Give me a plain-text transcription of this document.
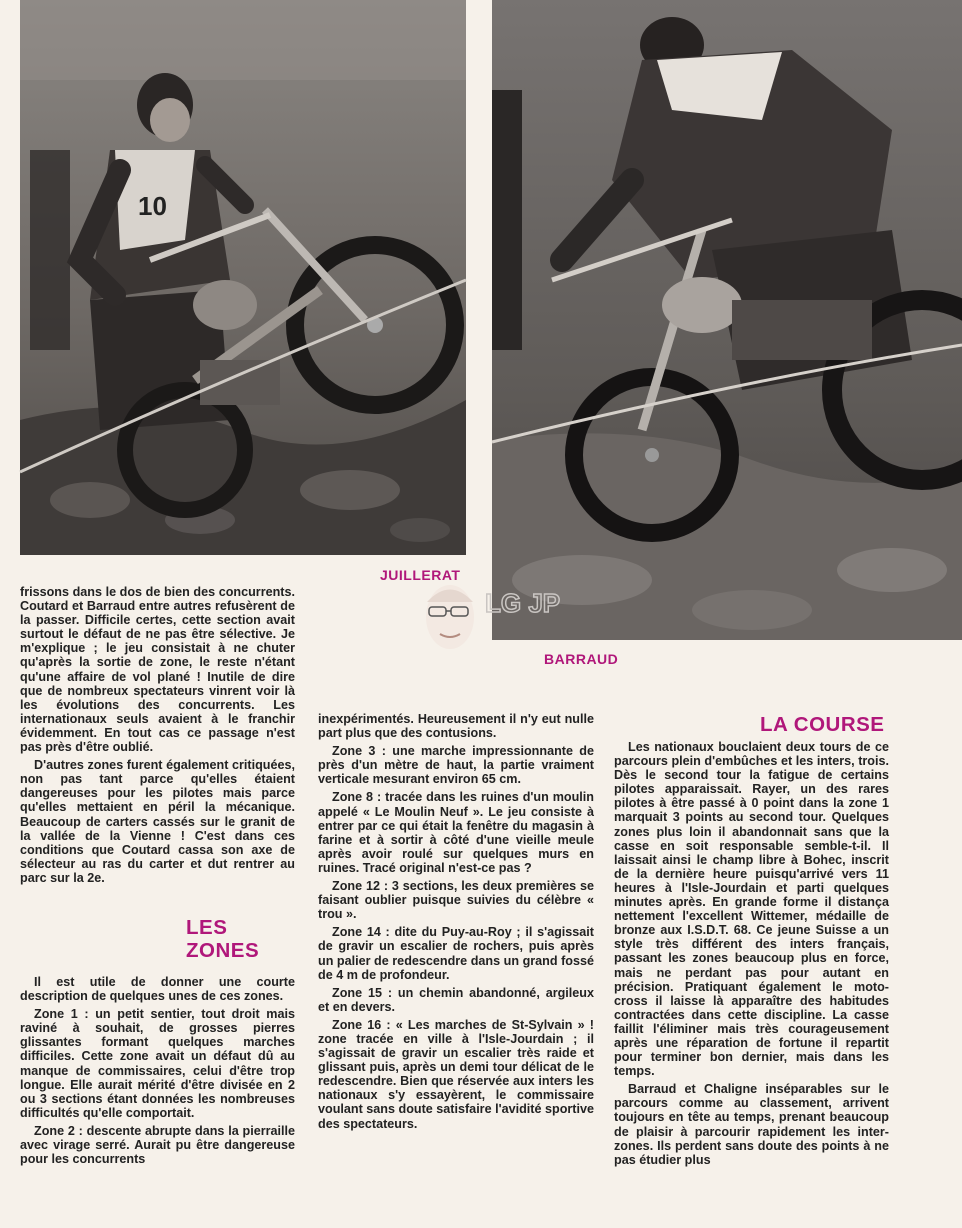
10
JUILLERAT
BARRAUD
LG JP

frissons dans le dos de bien des concurrents. Coutard et Barraud entre autres refusèrent de la passer. Difficile certes, cette section avait surtout le défaut de ne pas être sélective. Je m'explique ; le jeu consistait à ne chuter qu'après la sortie de zone, le reste n'étant qu'une affaire de vol plané ! Inutile de dire que de nombreux spectateurs vinrent voir là les évolutions des concurrents. Les internationaux seuls avaient à le franchir évidemment. En tout cas ce passage n'est pas près d'être oublié.

D'autres zones furent également critiquées, non pas tant parce qu'elles étaient dangereuses pour les pilotes mais parce qu'elles mettaient en péril la mécanique. Beaucoup de carters cassés sur le granit de la vallée de la Vienne ! C'est dans ces conditions que Coutard cassa son axe de sélecteur au ras du carter et dut rentrer au parc sur la 2e.

LES
ZONES

Il est utile de donner une courte description de quelques unes de ces zones.

Zone 1 : un petit sentier, tout droit mais raviné à souhait, de grosses pierres glissantes formant quelques marches difficiles. Cette zone avait un défaut dû au manque de commissaires, celui d'être trop longue. Elle aurait mérité d'être divisée en 2 ou 3 sections étant données les nombreuses difficultés qu'elle comportait.

Zone 2 : descente abrupte dans la pierraille avec virage serré. Aurait pu être dangereuse pour les concurrents

inexpérimentés. Heureusement il n'y eut nulle part plus que des contusions.

Zone 3 : une marche impressionnante de près d'un mètre de haut, la partie vraiment verticale mesurant environ 65 cm.

Zone 8 : tracée dans les ruines d'un moulin appelé « Le Moulin Neuf ». Le jeu consiste à entrer par ce qui était la fenêtre du magasin à farine et à sortir à côté d'une vieille meule après avoir roulé sur quelques murs en ruines. Tracé original n'est-ce pas ?

Zone 12 : 3 sections, les deux premières se faisant oublier puisque suivies du célèbre « trou ».

Zone 14 : dite du Puy-au-Roy ; il s'agissait de gravir un escalier de rochers, puis après un palier de redescendre dans un grand fossé de 4 m de profondeur.

Zone 15 : un chemin abandonné, argileux et en devers.

Zone 16 : « Les marches de St-Sylvain » ! zone tracée en ville à l'Isle-Jourdain ; il s'agissait de gravir un escalier très raide et glissant puis, après un demi tour délicat de le redescendre. Bien que réservée aux inters les nationaux s'y essayèrent, le commissaire voulant sans doute satisfaire l'avidité sportive des spectateurs.

LA COURSE

Les nationaux bouclaient deux tours de ce parcours plein d'embûches et les inters, trois. Dès le second tour la fatigue de certains pilotes apparaissait. Rayer, un des rares pilotes à être passé à 0 point dans la zone 1 marquait 3 points au second tour. Quelques zones plus loin il abandonnait sans que la casse en soit responsable semble-t-il. Il laissait ainsi le champ libre à Bohec, inscrit de la dernière heure puisqu'arrivé vers 11 heures à l'Isle-Jourdain et parti quelques minutes après. En grande forme il distança nettement l'excellent Wittemer, médaille de bronze aux I.S.D.T. 68. Ce jeune Suisse a un style très différent des inters français, passant les zones beaucoup plus en force, mais ne perdant pas pour autant en précision. Pratiquant également le moto-cross il laisse là apparaître des habitudes contractées dans cette discipline. La casse faillit l'éliminer mais très courageusement après une réparation de fortune il repartit pour terminer bon dernier, mais dans les temps.

Barraud et Chaligne inséparables sur le parcours comme au classement, arrivent toujours en tête au temps, prenant beaucoup de plaisir à parcourir rapidement les inter-zones. Ils perdent sans doute des points à ne pas étudier plus
